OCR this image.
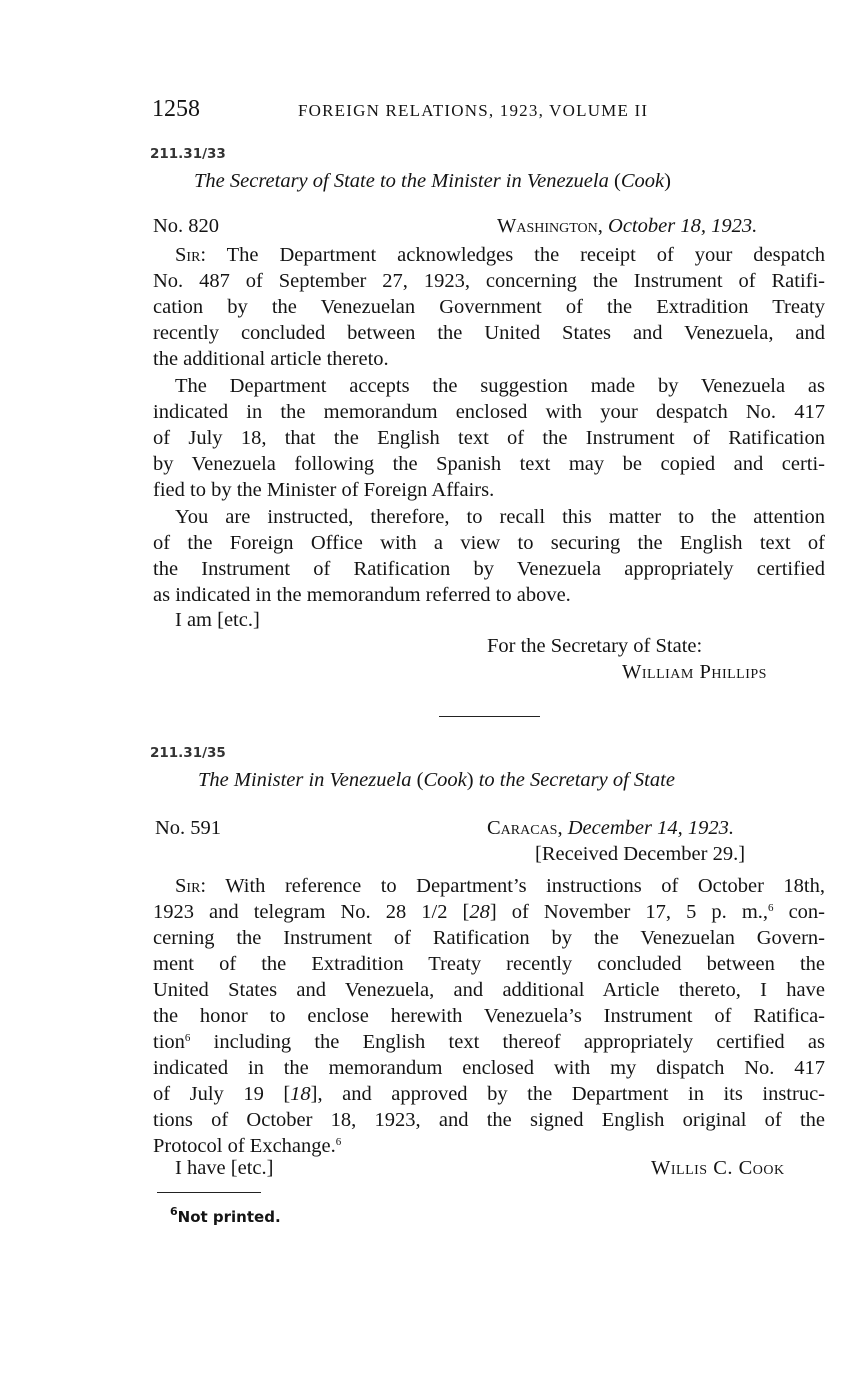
1258	FOREIGN RELATIONS, 1923, VOLUME II
211.31/33
The Secretary of State to the Minister in Venezuela (Cook)
No. 820	Washington, October 18, 1923.
Sir: The Department acknowledges the receipt of your despatch
No. 487 of September 27, 1923, concerning the Instrument of Ratifi-
cation by the Venezuelan Government of the Extradition Treaty
recently concluded between the United States and Venezuela, and
the additional article thereto.
The Department accepts the suggestion made by Venezuela as
indicated in the memorandum enclosed with your despatch No. 417
of July 18, that the English text of the Instrument of Ratification
by Venezuela following the Spanish text may be copied and certi-
fied to by the Minister of Foreign Affairs.
You are instructed, therefore, to recall this matter to the attention
of the Foreign Office with a view to securing the English text of
the Instrument of Ratification by Venezuela appropriately certified
as indicated in the memorandum referred to above.
I am [etc.]
For the Secretary of State:
William Phillips
211.31/35
The Minister in Venezuela (Cook) to the Secretary of State
No. 591	Caracas, December 14, 1923.
[Received December 29.]
Sir: With reference to Department’s instructions of October 18th,
1923 and telegram No. 28 1/2 [28] of November 17, 5 p. m.,$^6$ con-
cerning the Instrument of Ratification by the Venezuelan Govern-
ment of the Extradition Treaty recently concluded between the
United States and Venezuela, and additional Article thereto, I have
the honor to enclose herewith Venezuela’s Instrument of Ratifica-
tion$^6$ including the English text thereof appropriately certified as
indicated in the memorandum enclosed with my dispatch No. 417
of July 19 [18], and approved by the Department in its instruc-
tions of October 18, 1923, and the signed English original of the
Protocol of Exchange.$^6$
I have [etc.]	Willis C. Cook
$^6$Not printed.
